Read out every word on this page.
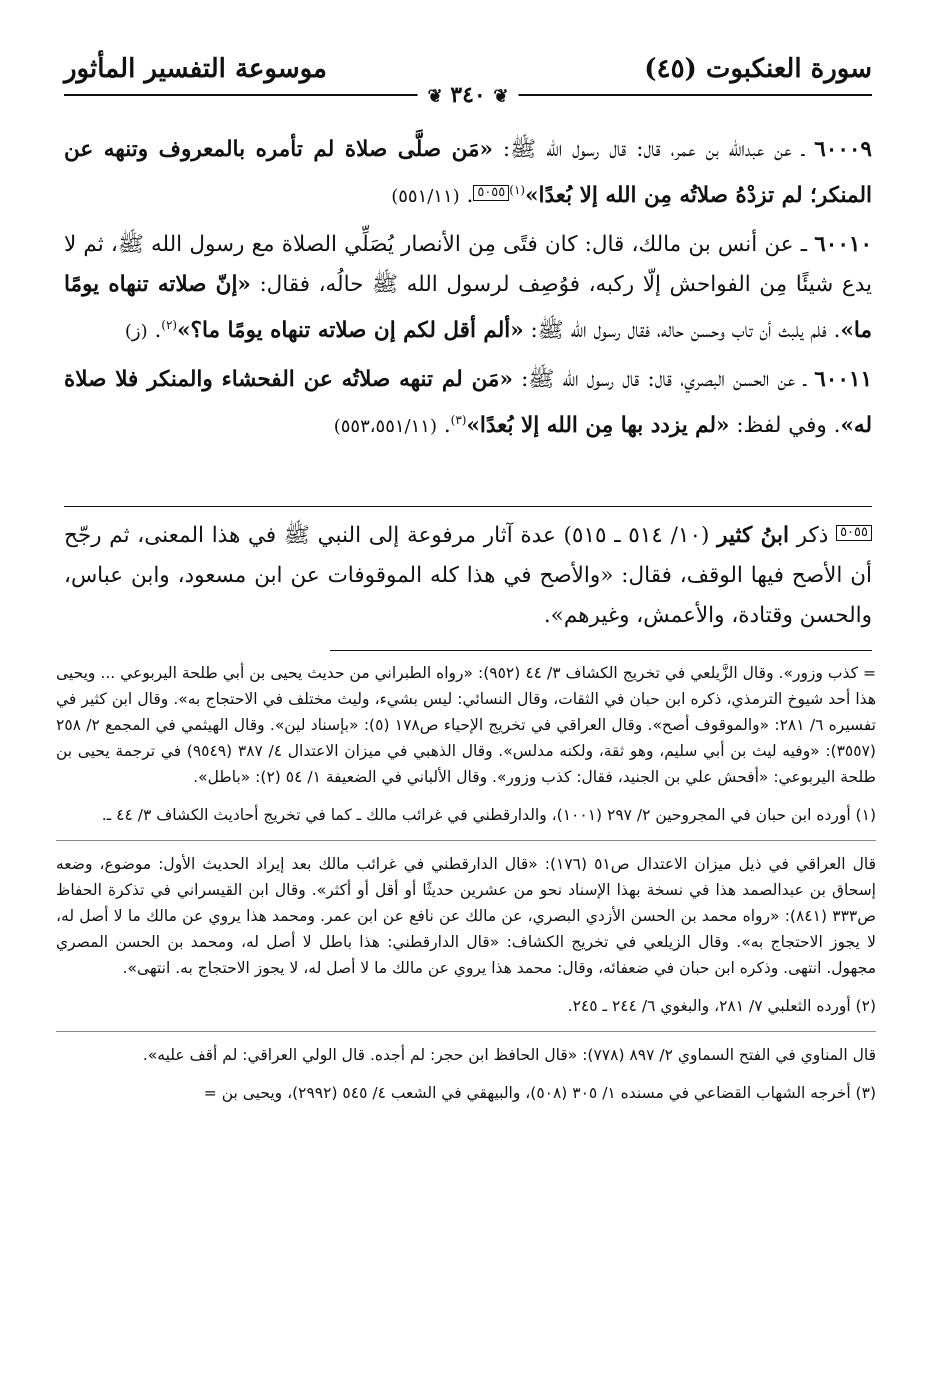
موسوعة التفسير المأثور	سورة العنكبوت (٤٥)
❦ ٣٤٠ ❦

٦٠٠٠٩ ـ عن عبدالله بن عمر، قال: قال رسول الله ﷺ: «مَن صلَّى صلاة لم تأمره بالمعروف وتنهه عن المنكر؛ لم تزدْهُ صلاتُه مِن الله إلا بُعدًا»$^{(١)}$٥٠٥٥. (٥٥١/١١)

٦٠٠١٠ ـ عن أنس بن مالك، قال: كان فتًى مِن الأنصار يُصَلِّي الصلاة مع رسول الله ﷺ، ثم لا يدع شيئًا مِن الفواحش إلّا ركبه، فوُصِف لرسول الله ﷺ حالُه، فقال: «إنّ صلاته تنهاه يومًا ما». فلم يلبث أن تاب وحسن حاله، فقال رسول الله ﷺ: «ألم أقل لكم إن صلاته تنهاه يومًا ما؟»$^{(٢)}$. (ز)

٦٠٠١١ ـ عن الحسن البصري، قال: قال رسول الله ﷺ: «مَن لم تنهه صلاتُه عن الفحشاء والمنكر فلا صلاة له». وفي لفظ: «لم يزدد بها مِن الله إلا بُعدًا»$^{(٣)}$. (٥٥٣،٥٥١/١١)

٥٠٥٥ ذكر ابنُ كثير (١٠/ ٥١٤ ـ ٥١٥) عدة آثار مرفوعة إلى النبي ﷺ في هذا المعنى، ثم رجّح أن الأصح فيها الوقف، فقال: «والأصح في هذا كله الموقوفات عن ابن مسعود، وابن عباس، والحسن وقتادة، والأعمش، وغيرهم».

= كذب وزور». وقال الزَّيلعي في تخريج الكشاف ٣/ ٤٤ (٩٥٢): «رواه الطبراني من حديث يحيى بن أبي طلحة اليربوعي ... ويحيى هذا أحد شيوخ الترمذي، ذكره ابن حبان في الثقات، وقال النسائي: ليس بشيء، وليث مختلف في الاحتجاج به». وقال ابن كثير في تفسيره ٦/ ٢٨١: «والموقوف أصح». وقال العراقي في تخريج الإحياء ص١٧٨ (٥): «بإسناد لين». وقال الهيثمي في المجمع ٢/ ٢٥٨ (٣٥٥٧): «وفيه ليث بن أبي سليم، وهو ثقة، ولكنه مدلس». وقال الذهبي في ميزان الاعتدال ٤/ ٣٨٧ (٩٥٤٩) في ترجمة يحيى بن طلحة اليربوعي: «أفحش علي بن الجنيد، فقال: كذب وزور». وقال الألباني في الضعيفة ١/ ٥٤ (٢): «باطل».

(١) أورده ابن حبان في المجروحين ٢/ ٢٩٧ (١٠٠١)، والدارقطني في غرائب مالك ـ كما في تخريج أحاديث الكشاف ٣/ ٤٤ ـ.

قال العراقي في ذيل ميزان الاعتدال ص٥١ (١٧٦): «قال الدارقطني في غرائب مالك بعد إيراد الحديث الأول: موضوع، وضعه إسحاق بن عبدالصمد هذا في نسخة بهذا الإسناد نحو من عشرين حديثًا أو أقل أو أكثر». وقال ابن القيسراني في تذكرة الحفاظ ص٣٣٣ (٨٤١): «رواه محمد بن الحسن الأزدي البصري، عن مالك عن نافع عن ابن عمر. ومحمد هذا يروي عن مالك ما لا أصل له، لا يجوز الاحتجاج به». وقال الزيلعي في تخريج الكشاف: «قال الدارقطني: هذا باطل لا أصل له، ومحمد بن الحسن المصري مجهول. انتهى. وذكره ابن حبان في ضعفائه، وقال: محمد هذا يروي عن مالك ما لا أصل له، لا يجوز الاحتجاج به. انتهى».

(٢) أورده الثعلبي ٧/ ٢٨١، والبغوي ٦/ ٢٤٤ ـ ٢٤٥.

قال المناوي في الفتح السماوي ٢/ ٨٩٧ (٧٧٨): «قال الحافظ ابن حجر: لم أجده. قال الولي العراقي: لم أقف عليه».

(٣) أخرجه الشهاب القضاعي في مسنده ١/ ٣٠٥ (٥٠٨)، والبيهقي في الشعب ٤/ ٥٤٥ (٢٩٩٢)، ويحيى بن =
